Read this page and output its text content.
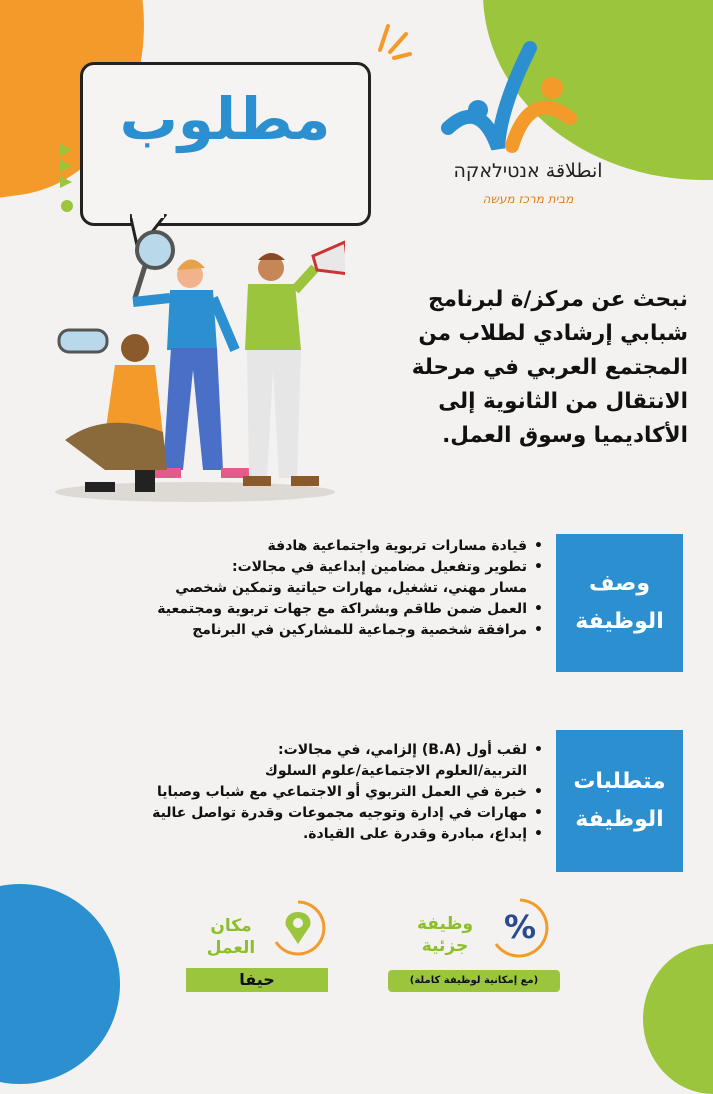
مطلوب
انطلاقة אנטילאקה
מבית מרכז מעשה
نبحث عن مركز/ة لبرنامج
شبابي إرشادي لطلاب من
المجتمع العربي في مرحلة
الانتقال من الثانوية إلى
الأكاديميا وسوق العمل.
وصف
الوظيفة
• قيادة مسارات تربوية واجتماعية هادفة
• تطوير وتفعيل مضامين إبداعية في مجالات:
مسار مهني، تشغيل، مهارات حياتية وتمكين شخصي
• العمل ضمن طاقم وبشراكة مع جهات تربوية ومجتمعية
• مرافقة شخصية وجماعية للمشاركين في البرنامج
متطلبات
الوظيفة
• لقب أول (B.A) إلزامي، في مجالات:
التربية/العلوم الاجتماعية/علوم السلوك
• خبرة في العمل التربوي أو الاجتماعي مع شباب وصبايا
• مهارات في إدارة وتوجيه مجموعات وقدرة تواصل عالية
• إبداع، مبادرة وقدرة على القيادة.
مكان
العمل
حيفا
%
وظيفة
جزئية
(مع إمكانية لوظيفة كاملة)
